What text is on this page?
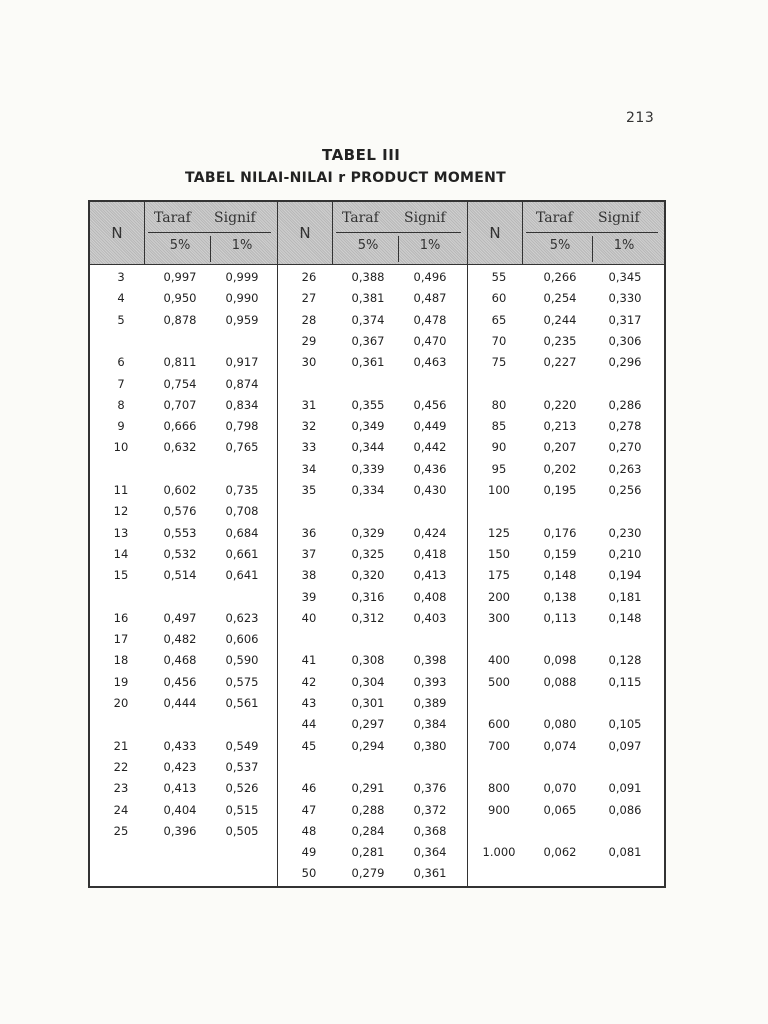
213
TABEL III
TABEL NILAI-NILAI r PRODUCT MOMENT
N
Taraf Signif
5%	1%
3	0,997	0,999
4	0,950	0,990
5	0,878	0,959
6	0,811	0,917
7	0,754	0,874
8	0,707	0,834
9	0,666	0,798
10	0,632	0,765
11	0,602	0,735
12	0,576	0,708
13	0,553	0,684
14	0,532	0,661
15	0,514	0,641
16	0,497	0,623
17	0,482	0,606
18	0,468	0,590
19	0,456	0,575
20	0,444	0,561
21	0,433	0,549
22	0,423	0,537
23	0,413	0,526
24	0,404	0,515
25	0,396	0,505
N
Taraf Signif
5%	1%
26	0,388	0,496
27	0,381	0,487
28	0,374	0,478
29	0,367	0,470
30	0,361	0,463
31	0,355	0,456
32	0,349	0,449
33	0,344	0,442
34	0,339	0,436
35	0,334	0,430
36	0,329	0,424
37	0,325	0,418
38	0,320	0,413
39	0,316	0,408
40	0,312	0,403
41	0,308	0,398
42	0,304	0,393
43	0,301	0,389
44	0,297	0,384
45	0,294	0,380
46	0,291	0,376
47	0,288	0,372
48	0,284	0,368
49	0,281	0,364
50	0,279	0,361
N
Taraf Signif
5%	1%
55	0,266	0,345
60	0,254	0,330
65	0,244	0,317
70	0,235	0,306
75	0,227	0,296
80	0,220	0,286
85	0,213	0,278
90	0,207	0,270
95	0,202	0,263
100	0,195	0,256
125	0,176	0,230
150	0,159	0,210
175	0,148	0,194
200	0,138	0,181
300	0,113	0,148
400	0,098	0,128
500	0,088	0,115
600	0,080	0,105
700	0,074	0,097
800	0,070	0,091
900	0,065	0,086
1.000	0,062	0,081
